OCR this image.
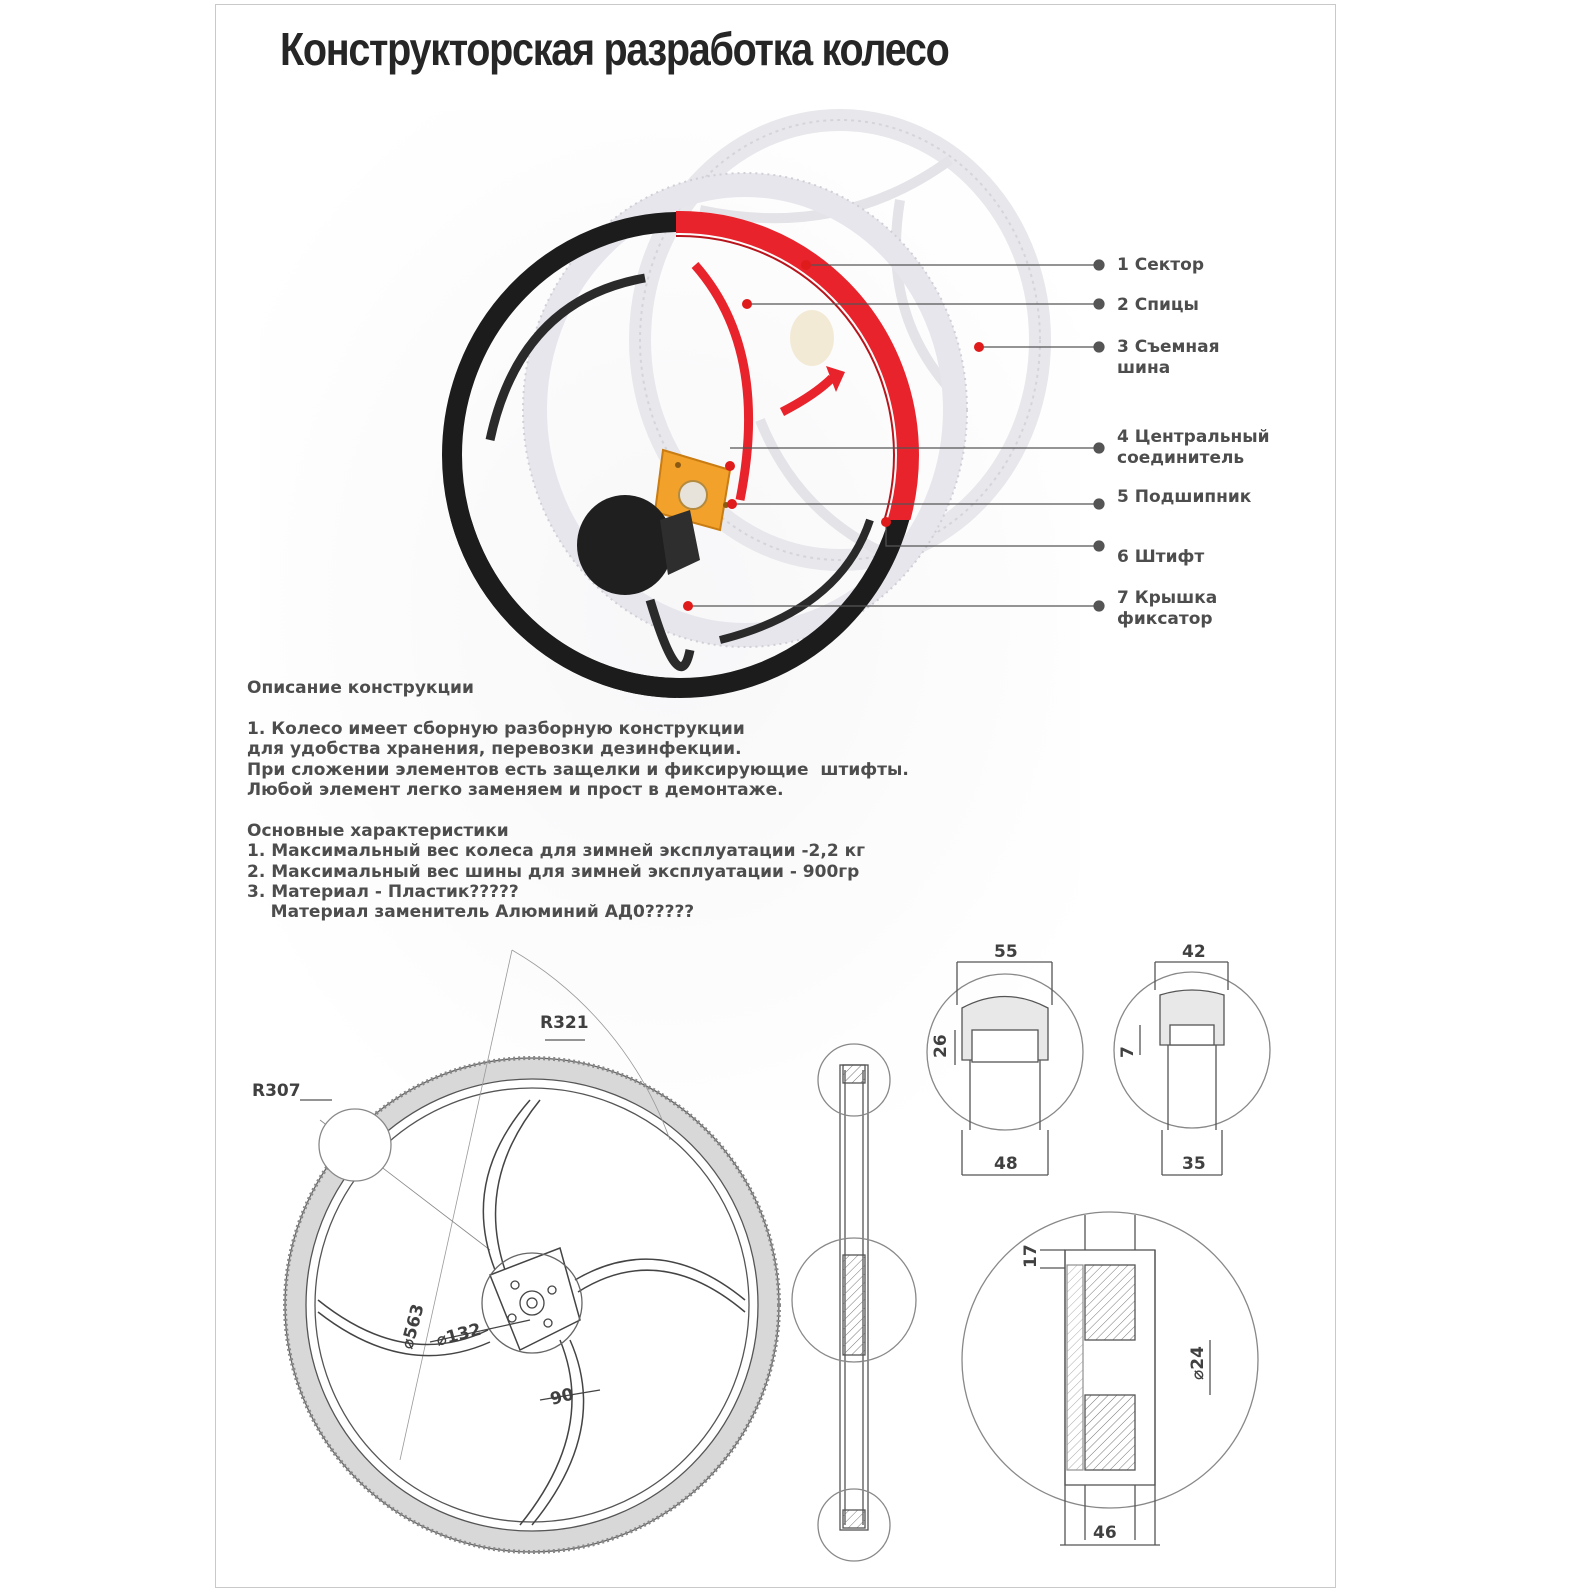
Конструкторская разработка колесо
R307
R321
⌀563 ⌀132
90
55
48
26
42
35
7
17
⌀24
46
1 Сектор
2 Спицы
3 Съемная
шина
4 Центральный
соединитель
5 Подшипник
6 Штифт
7 Крышка
фиксатор
Описание конструкции

1. Колесо имеет сборную разборную конструкции
для удобства хранения, перевозки дезинфекции.
При сложении элементов есть защелки и фиксирующие  штифты.
Любой элемент легко заменяем и прост в демонтаже.

Основные характеристики
1. Максимальный вес колеса для зимней эксплуатации -2,2 кг
2. Максимальный вес шины для зимней эксплуатации - 900гр
3. Материал - Пластик?????
Материал заменитель Алюминий АД0?????
